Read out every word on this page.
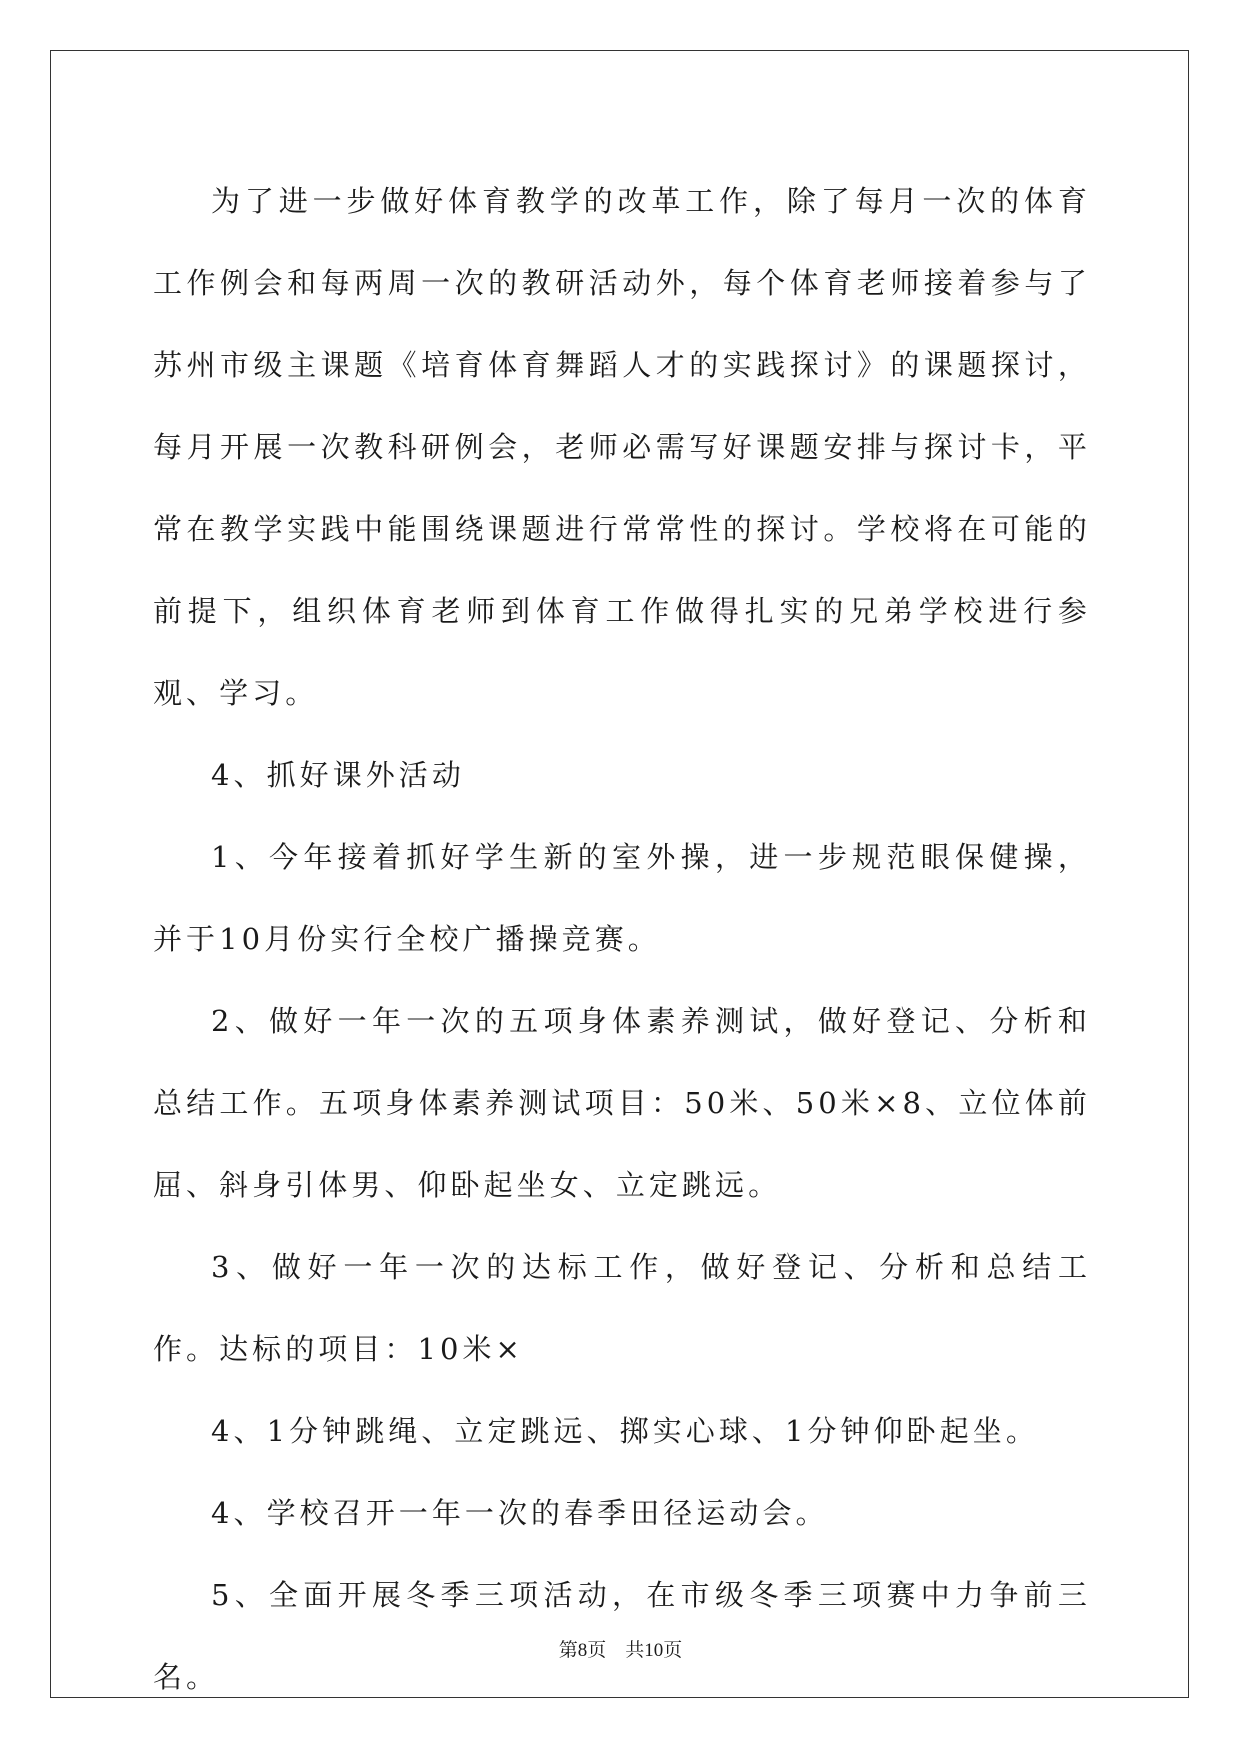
为了进一步做好体育教学的改革工作，除了每月一次的体育工作例会和每两周一次的教研活动外，每个体育老师接着参与了苏州市级主课题《培育体育舞蹈人才的实践探讨》的课题探讨，每月开展一次教科研例会，老师必需写好课题安排与探讨卡，平常在教学实践中能围绕课题进行常常性的探讨。学校将在可能的前提下，组织体育老师到体育工作做得扎实的兄弟学校进行参观、学习。

4、抓好课外活动

1、今年接着抓好学生新的室外操，进一步规范眼保健操，并于10月份实行全校广播操竞赛。

2、做好一年一次的五项身体素养测试，做好登记、分析和总结工作。五项身体素养测试项目：50米、50米×8、立位体前屈、斜身引体男、仰卧起坐女、立定跳远。

3、做好一年一次的达标工作，做好登记、分析和总结工作。达标的项目：10米×

4、1分钟跳绳、立定跳远、掷实心球、1分钟仰卧起坐。

4、学校召开一年一次的春季田径运动会。

5、全面开展冬季三项活动，在市级冬季三项赛中力争前三名。

第8页　共10页
